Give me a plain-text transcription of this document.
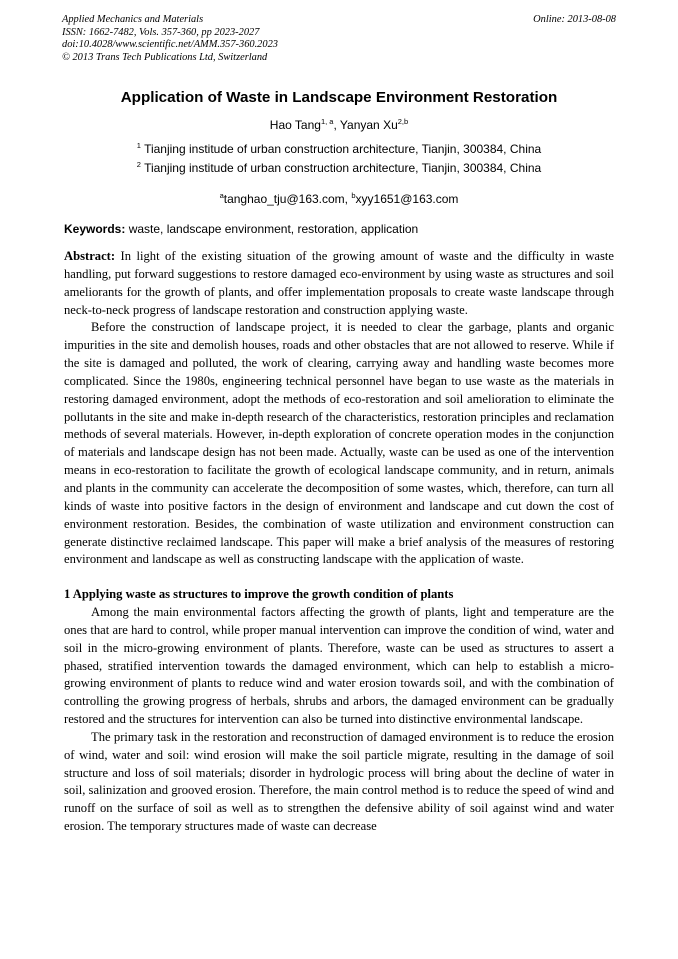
Applied Mechanics and Materials
ISSN: 1662-7482, Vols. 357-360, pp 2023-2027
doi:10.4028/www.scientific.net/AMM.357-360.2023
© 2013 Trans Tech Publications Ltd, Switzerland
Online: 2013-08-08
Application of Waste in Landscape Environment Restoration
Hao Tang$^{1, a}$, Yanyan Xu$^{2,b}$
$^1$ Tianjing institude of urban construction architecture, Tianjin, 300384, China
$^2$ Tianjing institude of urban construction architecture, Tianjin, 300384, China
$^a$tanghao_tju@163.com, $^b$xyy1651@163.com
Keywords: waste, landscape environment, restoration, application

Abstract: In light of the existing situation of the growing amount of waste and the difficulty in waste handling, put forward suggestions to restore damaged eco-environment by using waste as structures and soil ameliorants for the growth of plants, and offer implementation proposals to create waste landscape through neck-to-neck progress of landscape restoration and construction applying waste.

Before the construction of landscape project, it is needed to clear the garbage, plants and organic impurities in the site and demolish houses, roads and other obstacles that are not allowed to reserve. While if the site is damaged and polluted, the work of clearing, carrying away and handling waste becomes more complicated. Since the 1980s, engineering technical personnel have began to use waste as the materials in restoring damaged environment, adopt the methods of eco-restoration and soil amelioration to eliminate the pollutants in the site and make in-depth research of the characteristics, restoration principles and reclamation methods of several materials. However, in-depth exploration of concrete operation modes in the conjunction of materials and landscape design has not been made. Actually, waste can be used as one of the intervention means in eco-restoration to facilitate the growth of ecological landscape community, and in return, animals and plants in the community can accelerate the decomposition of some wastes, which, therefore, can turn all kinds of waste into positive factors in the design of environment and landscape and cut down the cost of environment restoration. Besides, the combination of waste utilization and environment construction can generate distinctive reclaimed landscape. This paper will make a brief analysis of the measures of restoring environment and landscape as well as constructing landscape with the application of waste.

1 Applying waste as structures to improve the growth condition of plants

Among the main environmental factors affecting the growth of plants, light and temperature are the ones that are hard to control, while proper manual intervention can improve the condition of wind, water and soil in the micro-growing environment of plants. Therefore, waste can be used as structures to assert a phased, stratified intervention towards the damaged environment, which can help to establish a micro-growing environment of plants to reduce wind and water erosion towards soil, and with the combination of controlling the growing progress of herbals, shrubs and arbors, the damaged environment can be gradually restored and the structures for intervention can also be turned into distinctive environmental landscape.

The primary task in the restoration and reconstruction of damaged environment is to reduce the erosion of wind, water and soil: wind erosion will make the soil particle migrate, resulting in the damage of soil structure and loss of soil materials; disorder in hydrologic process will bring about the decline of water in soil, salinization and grooved erosion. Therefore, the main control method is to reduce the speed of wind and runoff on the surface of soil as well as to strengthen the defensive ability of soil against wind and water erosion. The temporary structures made of waste can decrease
